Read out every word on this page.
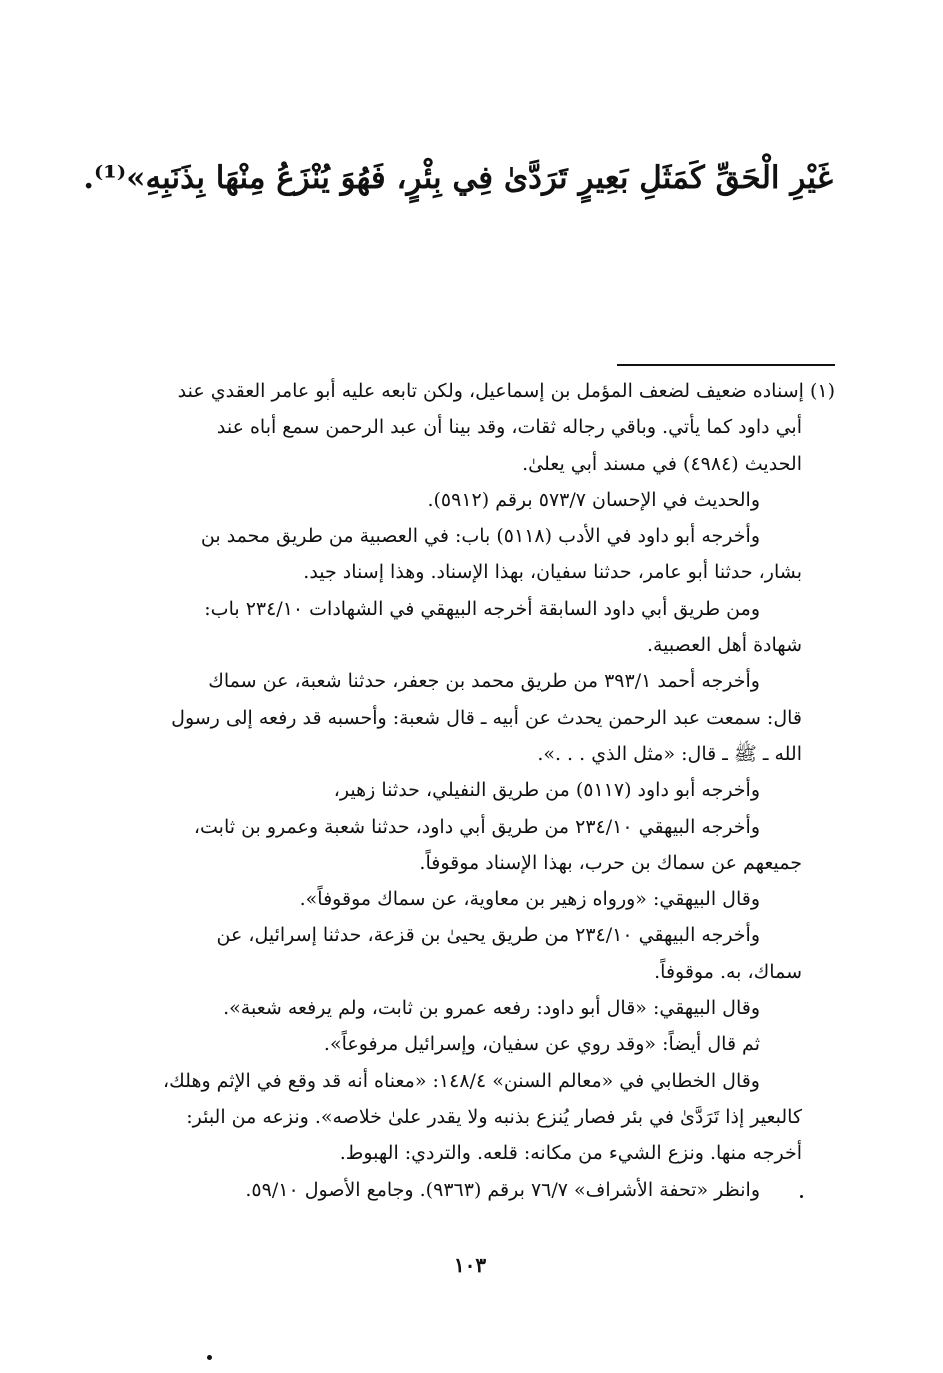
غَيْرِ الْحَقِّ كَمَثَلِ بَعِيرٍ تَرَدَّىٰ فِي بِئْرٍ، فَهُوَ يُنْزَعُ مِنْهَا بِذَنَبِهِ»⁽¹⁾.
(١) إسناده ضعيف لضعف المؤمل بن إسماعيل، ولكن تابعه عليه أبو عامر العقدي عند
أبي داود كما يأتي. وباقي رجاله ثقات، وقد بينا أن عبد الرحمن سمع أباه عند
الحديث (٤٩٨٤) في مسند أبي يعلىٰ.
والحديث في الإحسان ٥٧٣/٧ برقم (٥٩١٢).
وأخرجه أبو داود في الأدب (٥١١٨) باب: في العصبية من طريق محمد بن
بشار، حدثنا أبو عامر، حدثنا سفيان، بهذا الإسناد. وهذا إسناد جيد.
ومن طريق أبي داود السابقة أخرجه البيهقي في الشهادات ٢٣٤/١٠ باب:
شهادة أهل العصبية.
وأخرجه أحمد ٣٩٣/١ من طريق محمد بن جعفر، حدثنا شعبة، عن سماك
قال: سمعت عبد الرحمن يحدث عن أبيه ـ قال شعبة: وأحسبه قد رفعه إلى رسول
الله ـ ﷺ ـ قال: «مثل الذي . . .».
وأخرجه أبو داود (٥١١٧) من طريق النفيلي، حدثنا زهير،
وأخرجه البيهقي ٢٣٤/١٠ من طريق أبي داود، حدثنا شعبة وعمرو بن ثابت،
جميعهم عن سماك بن حرب، بهذا الإسناد موقوفاً.
وقال البيهقي: «ورواه زهير بن معاوية، عن سماك موقوفاً».
وأخرجه البيهقي ٢٣٤/١٠ من طريق يحيىٰ بن قزعة، حدثنا إسرائيل، عن
سماك، به. موقوفاً.
وقال البيهقي: «قال أبو داود: رفعه عمرو بن ثابت، ولم يرفعه شعبة».
ثم قال أيضاً: «وقد روي عن سفيان، وإسرائيل مرفوعاً».
وقال الخطابي في «معالم السنن» ١٤٨/٤: «معناه أنه قد وقع في الإثم وهلك،
كالبعير إذا تَرَدَّىٰ في بئر فصار يُنزع بذنبه ولا يقدر علىٰ خلاصه». ونزعه من البئر:
أخرجه منها. ونزع الشيء من مكانه: قلعه. والتردي: الهبوط.
وانظر «تحفة الأشراف» ٧٦/٧ برقم (٩٣٦٣). وجامع الأصول ٥٩/١٠.
١٠٣
